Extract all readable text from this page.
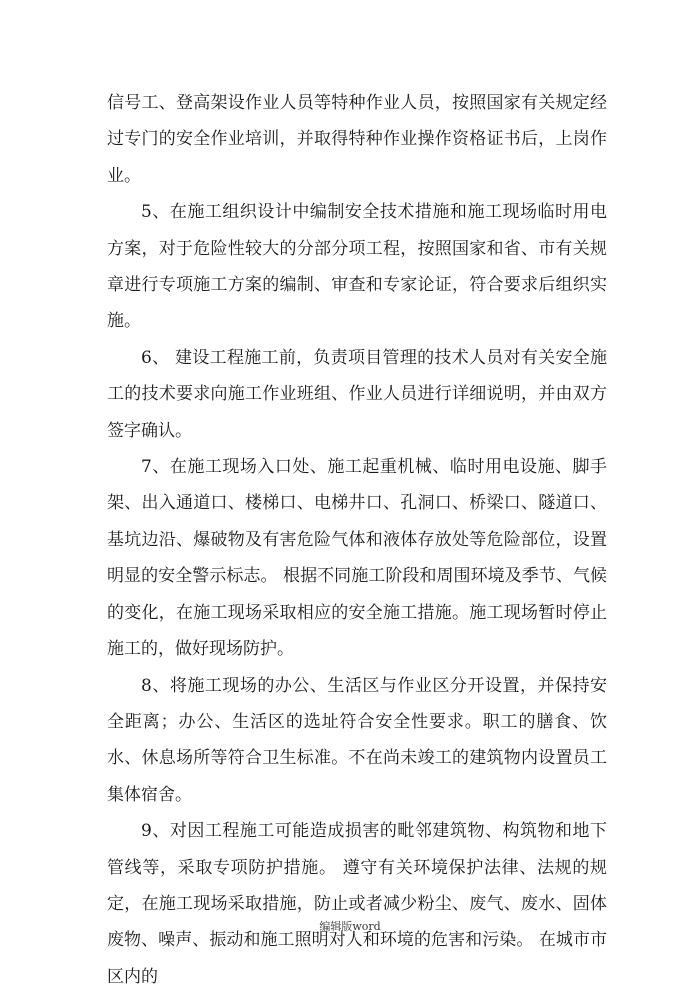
信号工、登高架设作业人员等特种作业人员，按照国家有关规定经过专门的安全作业培训，并取得特种作业操作资格证书后，上岗作业。

5、在施工组织设计中编制安全技术措施和施工现场临时用电方案，对于危险性较大的分部分项工程，按照国家和省、市有关规章进行专项施工方案的编制、审查和专家论证，符合要求后组织实施。

6、 建设工程施工前，负责项目管理的技术人员对有关安全施工的技术要求向施工作业班组、作业人员进行详细说明，并由双方签字确认。

7、在施工现场入口处、施工起重机械、临时用电设施、脚手架、出入通道口、楼梯口、电梯井口、孔洞口、桥梁口、隧道口、基坑边沿、爆破物及有害危险气体和液体存放处等危险部位，设置明显的安全警示标志。 根据不同施工阶段和周围环境及季节、气候的变化，在施工现场采取相应的安全施工措施。施工现场暂时停止施工的，做好现场防护。

8、将施工现场的办公、生活区与作业区分开设置，并保持安全距离；办公、生活区的选址符合安全性要求。职工的膳食、饮水、休息场所等符合卫生标准。不在尚未竣工的建筑物内设置员工集体宿舍。

9、对因工程施工可能造成损害的毗邻建筑物、构筑物和地下管线等，采取专项防护措施。 遵守有关环境保护法律、法规的规定，在施工现场采取措施，防止或者减少粉尘、废气、废水、固体废物、噪声、振动和施工照明对人和环境的危害和污染。 在城市市区内的

编辑版word
